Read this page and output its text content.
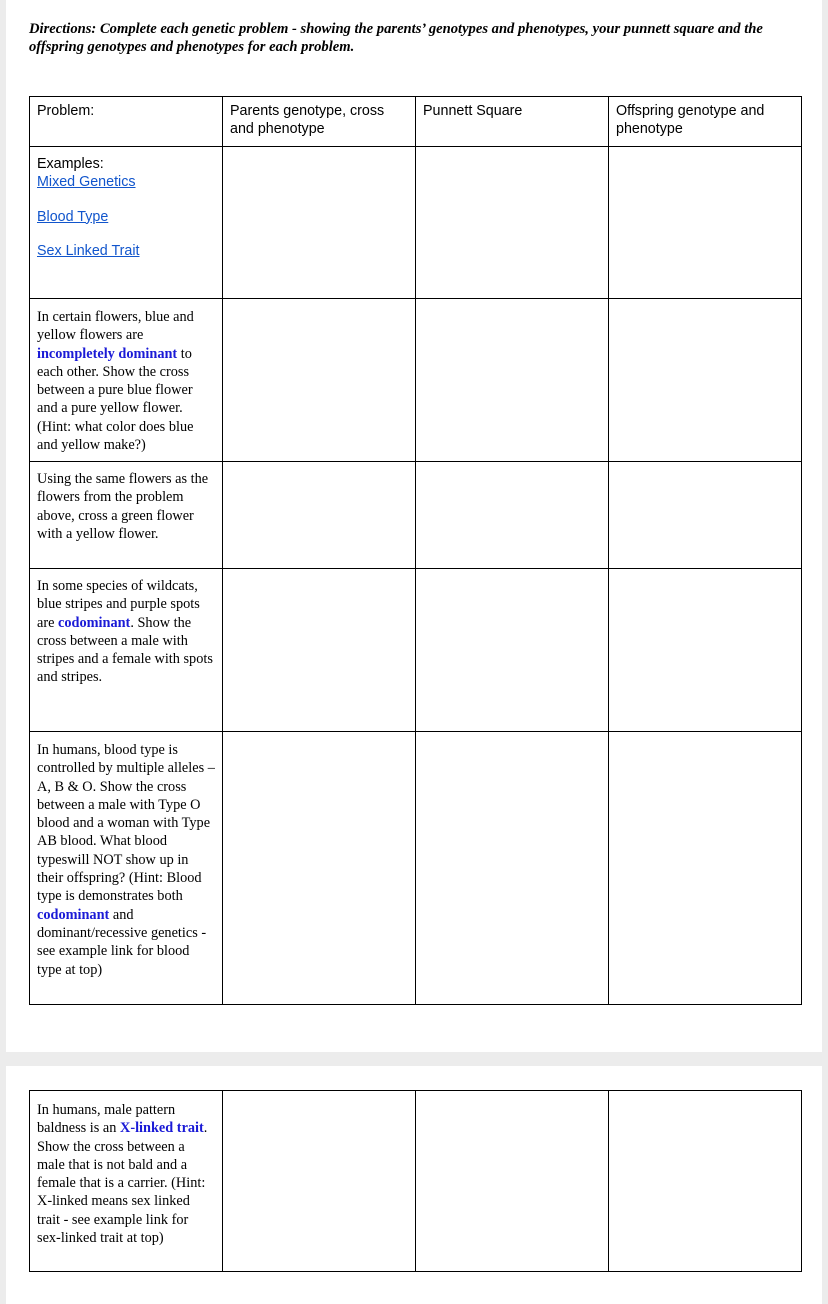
Directions: Complete each genetic problem - showing the parents’ genotypes and phenotypes, your punnett square and the offspring genotypes and phenotypes for each problem.
Problem:	Parents genotype, cross and phenotype	Punnett Square	Offspring genotype and phenotype
Examples:
Mixed Genetics
Blood Type
Sex Linked Trait			
In certain flowers, blue and yellow flowers are incompletely dominant to each other. Show the cross between a pure blue flower and a pure yellow flower. (Hint: what color does blue and yellow make?)			
Using the same flowers as the flowers from the problem above, cross a green flower with a yellow flower.			
In some species of wildcats, blue stripes and purple spots are codominant. Show the cross between a male with stripes and a female with spots and stripes.			
In humans, blood type is controlled by multiple alleles – A, B & O. Show the cross between a male with Type O blood and a woman with Type AB blood. What blood typeswill NOT show up in their offspring? (Hint: Blood type is demonstrates both codominant and dominant/recessive genetics - see example link for blood type at top)			
In humans, male pattern baldness is an X-linked trait. Show the cross between a male that is not bald and a female that is a carrier. (Hint: X-linked means sex linked trait - see example link for sex-linked trait at top)			
